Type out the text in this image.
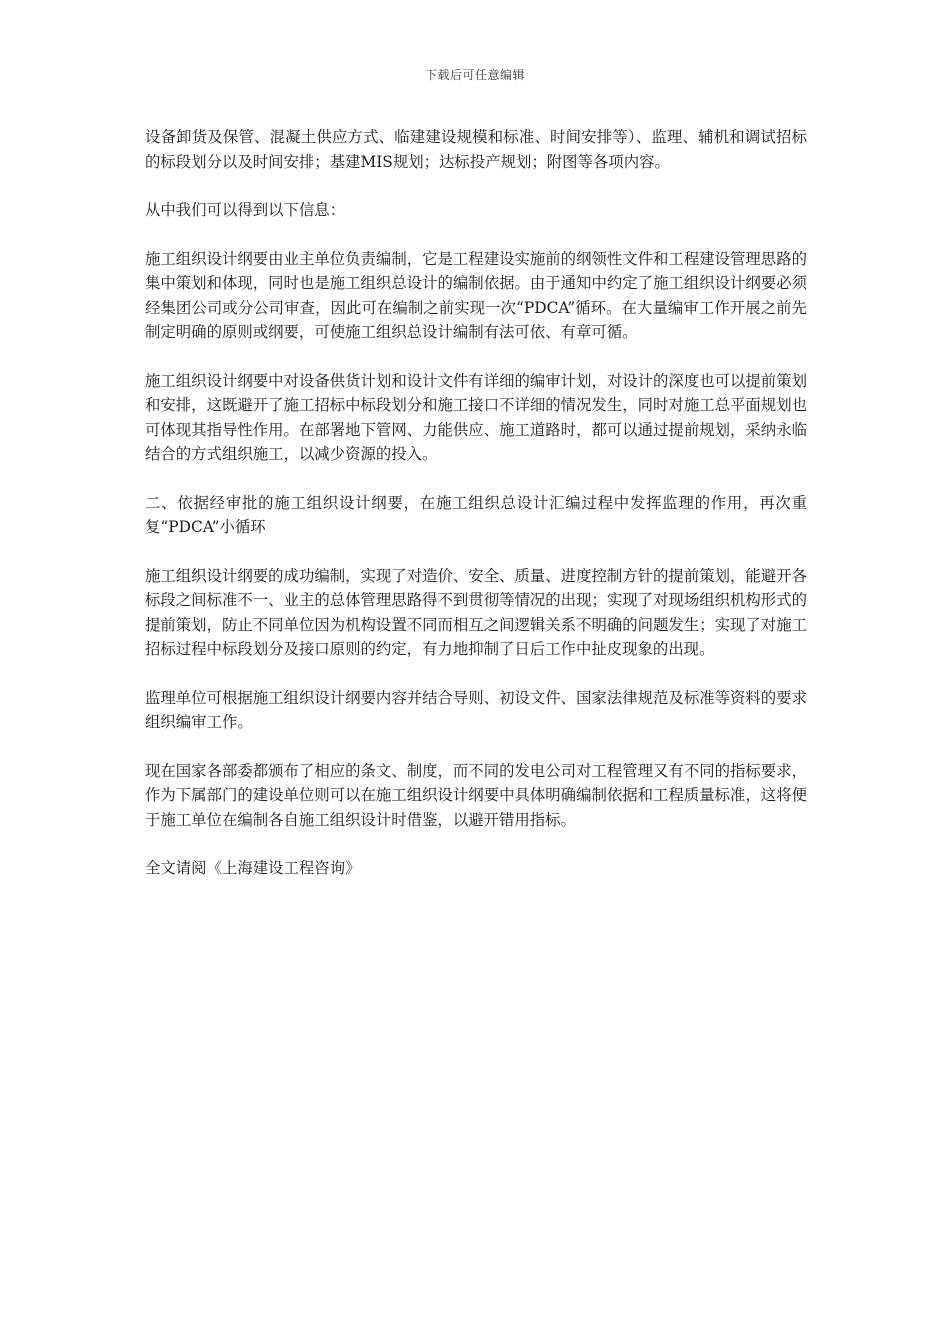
下载后可任意编辑

设备卸货及保管、混凝土供应方式、临建建设规模和标准、时间安排等）、监理、辅机和调试招标的标段划分以及时间安排；基建MIS规划；达标投产规划；附图等各项内容。

从中我们可以得到以下信息：

施工组织设计纲要由业主单位负责编制，它是工程建设实施前的纲领性文件和工程建设管理思路的集中策划和体现，同时也是施工组织总设计的编制依据。由于通知中约定了施工组织设计纲要必须经集团公司或分公司审查，因此可在编制之前实现一次“PDCA”循环。在大量编审工作开展之前先制定明确的原则或纲要，可使施工组织总设计编制有法可依、有章可循。

施工组织设计纲要中对设备供货计划和设计文件有详细的编审计划，对设计的深度也可以提前策划和安排，这既避开了施工招标中标段划分和施工接口不详细的情况发生，同时对施工总平面规划也可体现其指导性作用。在部署地下管网、力能供应、施工道路时，都可以通过提前规划，采纳永临结合的方式组织施工，以减少资源的投入。

二、依据经审批的施工组织设计纲要，在施工组织总设计汇编过程中发挥监理的作用，再次重复“PDCA”小循环

施工组织设计纲要的成功编制，实现了对造价、安全、质量、进度控制方针的提前策划，能避开各标段之间标准不一、业主的总体管理思路得不到贯彻等情况的出现；实现了对现场组织机构形式的提前策划，防止不同单位因为机构设置不同而相互之间逻辑关系不明确的问题发生；实现了对施工招标过程中标段划分及接口原则的约定，有力地抑制了日后工作中扯皮现象的出现。

监理单位可根据施工组织设计纲要内容并结合导则、初设文件、国家法律规范及标准等资料的要求组织编审工作。

现在国家各部委都颁布了相应的条文、制度，而不同的发电公司对工程管理又有不同的指标要求，作为下属部门的建设单位则可以在施工组织设计纲要中具体明确编制依据和工程质量标准，这将便于施工单位在编制各自施工组织设计时借鉴，以避开错用指标。

全文请阅《上海建设工程咨询》
